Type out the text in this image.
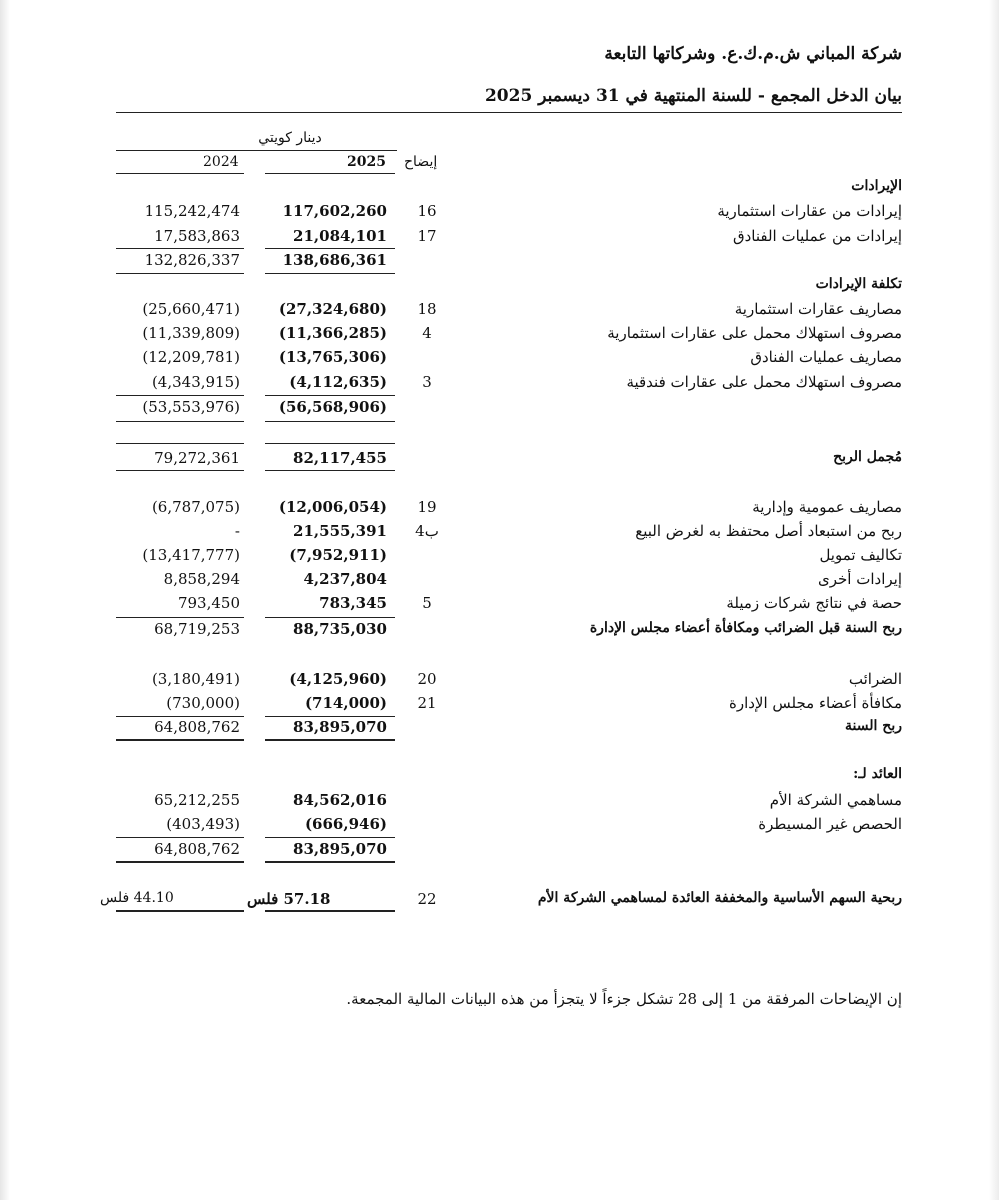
شركة المباني ش.م.ك.ع. وشركاتها التابعة
بيان الدخل المجمع - للسنة المنتهية في 31 ديسمبر 2025
دينار كويتي
إيضاح
2025
2024
الإيرادات
إيرادات من عقارات استثمارية
16
117,602,260
115,242,474
إيرادات من عمليات الفنادق
17
21,084,101
17,583,863
138,686,361
132,826,337
تكلفة الإيرادات
مصاريف عقارات استثمارية
18
(27,324,680)
(25,660,471)
مصروف استهلاك محمل على عقارات استثمارية
4
(11,366,285)
(11,339,809)
مصاريف عمليات الفنادق
(13,765,306)
(12,209,781)
مصروف استهلاك محمل على عقارات فندقية
3
(4,112,635)
(4,343,915)
(56,568,906)
(53,553,976)
مُجمل الربح
82,117,455
79,272,361
مصاريف عمومية وإدارية
19
(12,006,054)
(6,787,075)
ربح من استبعاد أصل محتفظ به لغرض البيع
4ب
21,555,391
-
تكاليف تمويل
(7,952,911)
(13,417,777)
إيرادات أخرى
4,237,804
8,858,294
حصة في نتائج شركات زميلة
5
783,345
793,450
ربح السنة قبل الضرائب ومكافأة أعضاء مجلس الإدارة
88,735,030
68,719,253
الضرائب
20
(4,125,960)
(3,180,491)
مكافأة أعضاء مجلس الإدارة
21
(714,000)
(730,000)
ربح السنة
83,895,070
64,808,762
العائد لـ:
مساهمي الشركة الأم
84,562,016
65,212,255
الحصص غير المسيطرة
(666,946)
(403,493)
83,895,070
64,808,762
ربحية السهم الأساسية والمخففة العائدة لمساهمي الشركة الأم
22
57.18 فلس
44.10 فلس
إن الإيضاحات المرفقة من 1 إلى 28 تشكل جزءاً لا يتجزأ من هذه البيانات المالية المجمعة.
